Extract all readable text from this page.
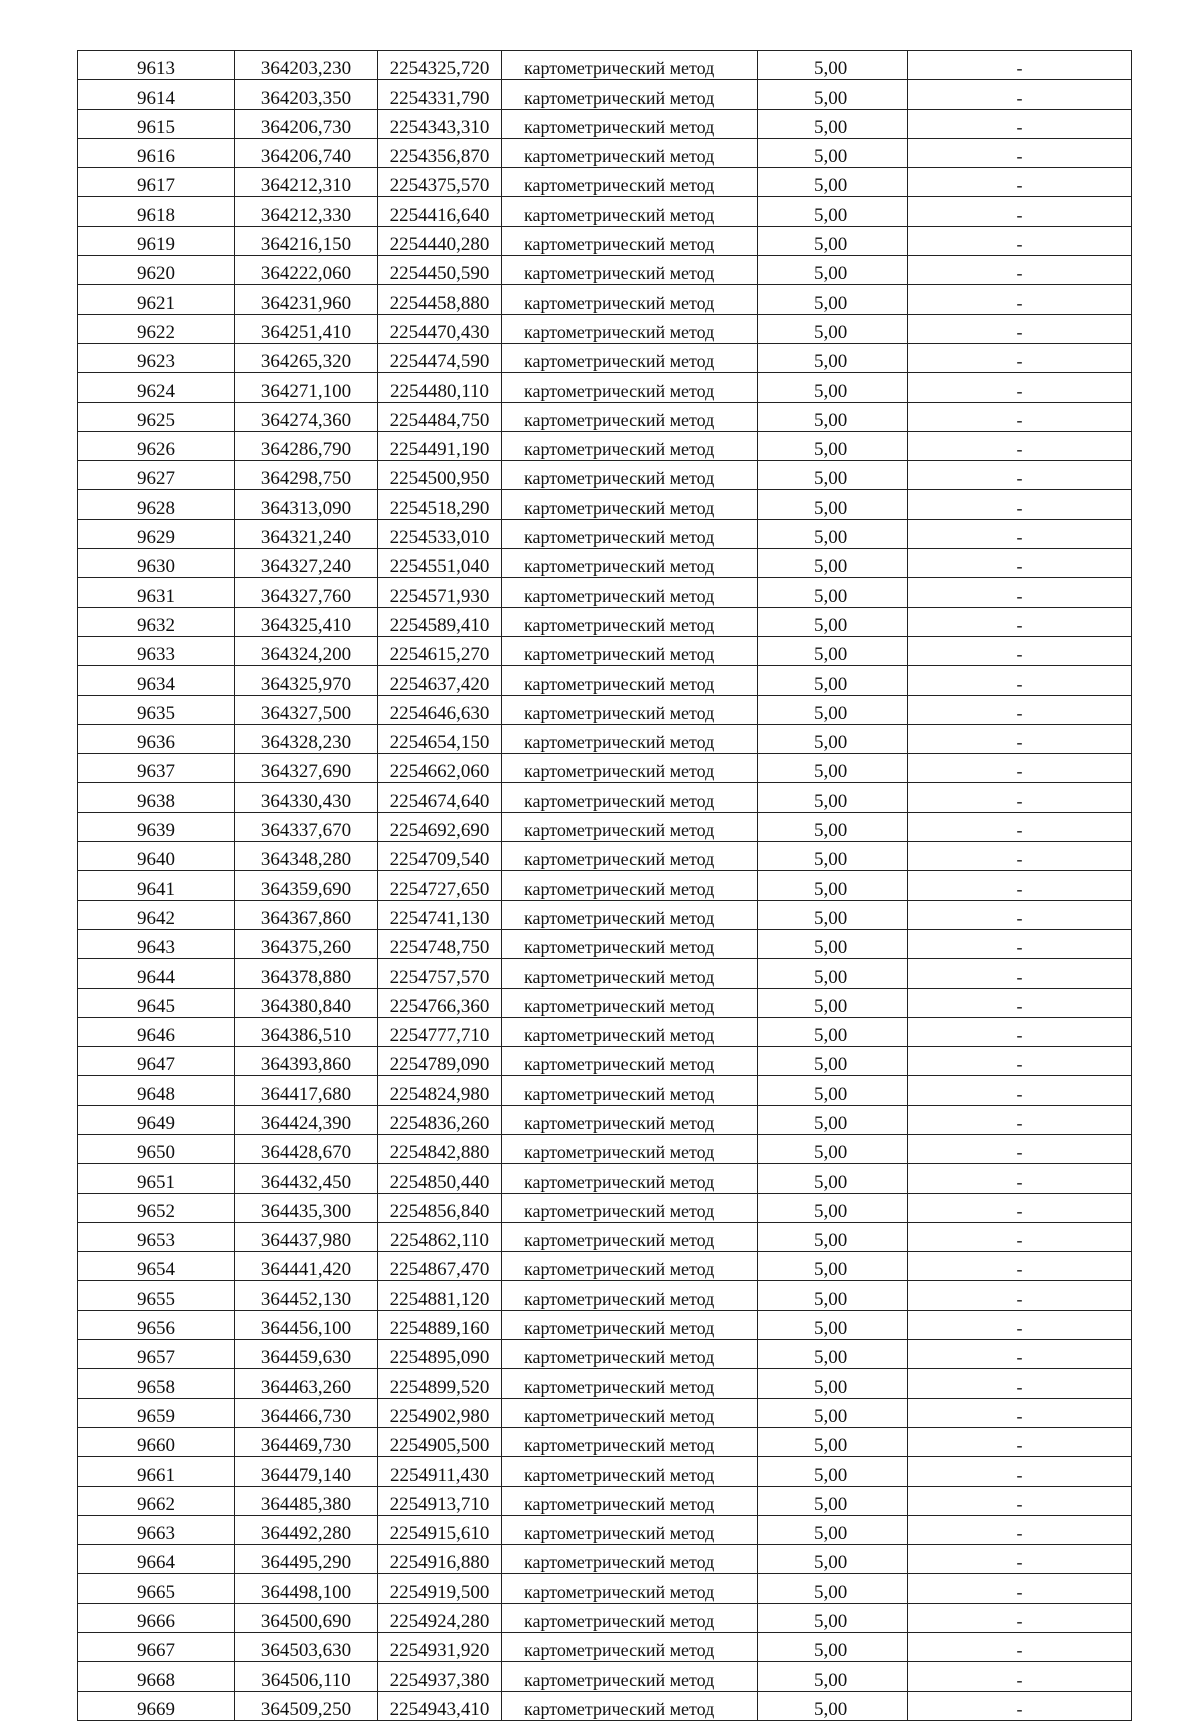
9613	364203,230	2254325,720	картометрический метод	5,00	-
9614	364203,350	2254331,790	картометрический метод	5,00	-
9615	364206,730	2254343,310	картометрический метод	5,00	-
9616	364206,740	2254356,870	картометрический метод	5,00	-
9617	364212,310	2254375,570	картометрический метод	5,00	-
9618	364212,330	2254416,640	картометрический метод	5,00	-
9619	364216,150	2254440,280	картометрический метод	5,00	-
9620	364222,060	2254450,590	картометрический метод	5,00	-
9621	364231,960	2254458,880	картометрический метод	5,00	-
9622	364251,410	2254470,430	картометрический метод	5,00	-
9623	364265,320	2254474,590	картометрический метод	5,00	-
9624	364271,100	2254480,110	картометрический метод	5,00	-
9625	364274,360	2254484,750	картометрический метод	5,00	-
9626	364286,790	2254491,190	картометрический метод	5,00	-
9627	364298,750	2254500,950	картометрический метод	5,00	-
9628	364313,090	2254518,290	картометрический метод	5,00	-
9629	364321,240	2254533,010	картометрический метод	5,00	-
9630	364327,240	2254551,040	картометрический метод	5,00	-
9631	364327,760	2254571,930	картометрический метод	5,00	-
9632	364325,410	2254589,410	картометрический метод	5,00	-
9633	364324,200	2254615,270	картометрический метод	5,00	-
9634	364325,970	2254637,420	картометрический метод	5,00	-
9635	364327,500	2254646,630	картометрический метод	5,00	-
9636	364328,230	2254654,150	картометрический метод	5,00	-
9637	364327,690	2254662,060	картометрический метод	5,00	-
9638	364330,430	2254674,640	картометрический метод	5,00	-
9639	364337,670	2254692,690	картометрический метод	5,00	-
9640	364348,280	2254709,540	картометрический метод	5,00	-
9641	364359,690	2254727,650	картометрический метод	5,00	-
9642	364367,860	2254741,130	картометрический метод	5,00	-
9643	364375,260	2254748,750	картометрический метод	5,00	-
9644	364378,880	2254757,570	картометрический метод	5,00	-
9645	364380,840	2254766,360	картометрический метод	5,00	-
9646	364386,510	2254777,710	картометрический метод	5,00	-
9647	364393,860	2254789,090	картометрический метод	5,00	-
9648	364417,680	2254824,980	картометрический метод	5,00	-
9649	364424,390	2254836,260	картометрический метод	5,00	-
9650	364428,670	2254842,880	картометрический метод	5,00	-
9651	364432,450	2254850,440	картометрический метод	5,00	-
9652	364435,300	2254856,840	картометрический метод	5,00	-
9653	364437,980	2254862,110	картометрический метод	5,00	-
9654	364441,420	2254867,470	картометрический метод	5,00	-
9655	364452,130	2254881,120	картометрический метод	5,00	-
9656	364456,100	2254889,160	картометрический метод	5,00	-
9657	364459,630	2254895,090	картометрический метод	5,00	-
9658	364463,260	2254899,520	картометрический метод	5,00	-
9659	364466,730	2254902,980	картометрический метод	5,00	-
9660	364469,730	2254905,500	картометрический метод	5,00	-
9661	364479,140	2254911,430	картометрический метод	5,00	-
9662	364485,380	2254913,710	картометрический метод	5,00	-
9663	364492,280	2254915,610	картометрический метод	5,00	-
9664	364495,290	2254916,880	картометрический метод	5,00	-
9665	364498,100	2254919,500	картометрический метод	5,00	-
9666	364500,690	2254924,280	картометрический метод	5,00	-
9667	364503,630	2254931,920	картометрический метод	5,00	-
9668	364506,110	2254937,380	картометрический метод	5,00	-
9669	364509,250	2254943,410	картометрический метод	5,00	-
